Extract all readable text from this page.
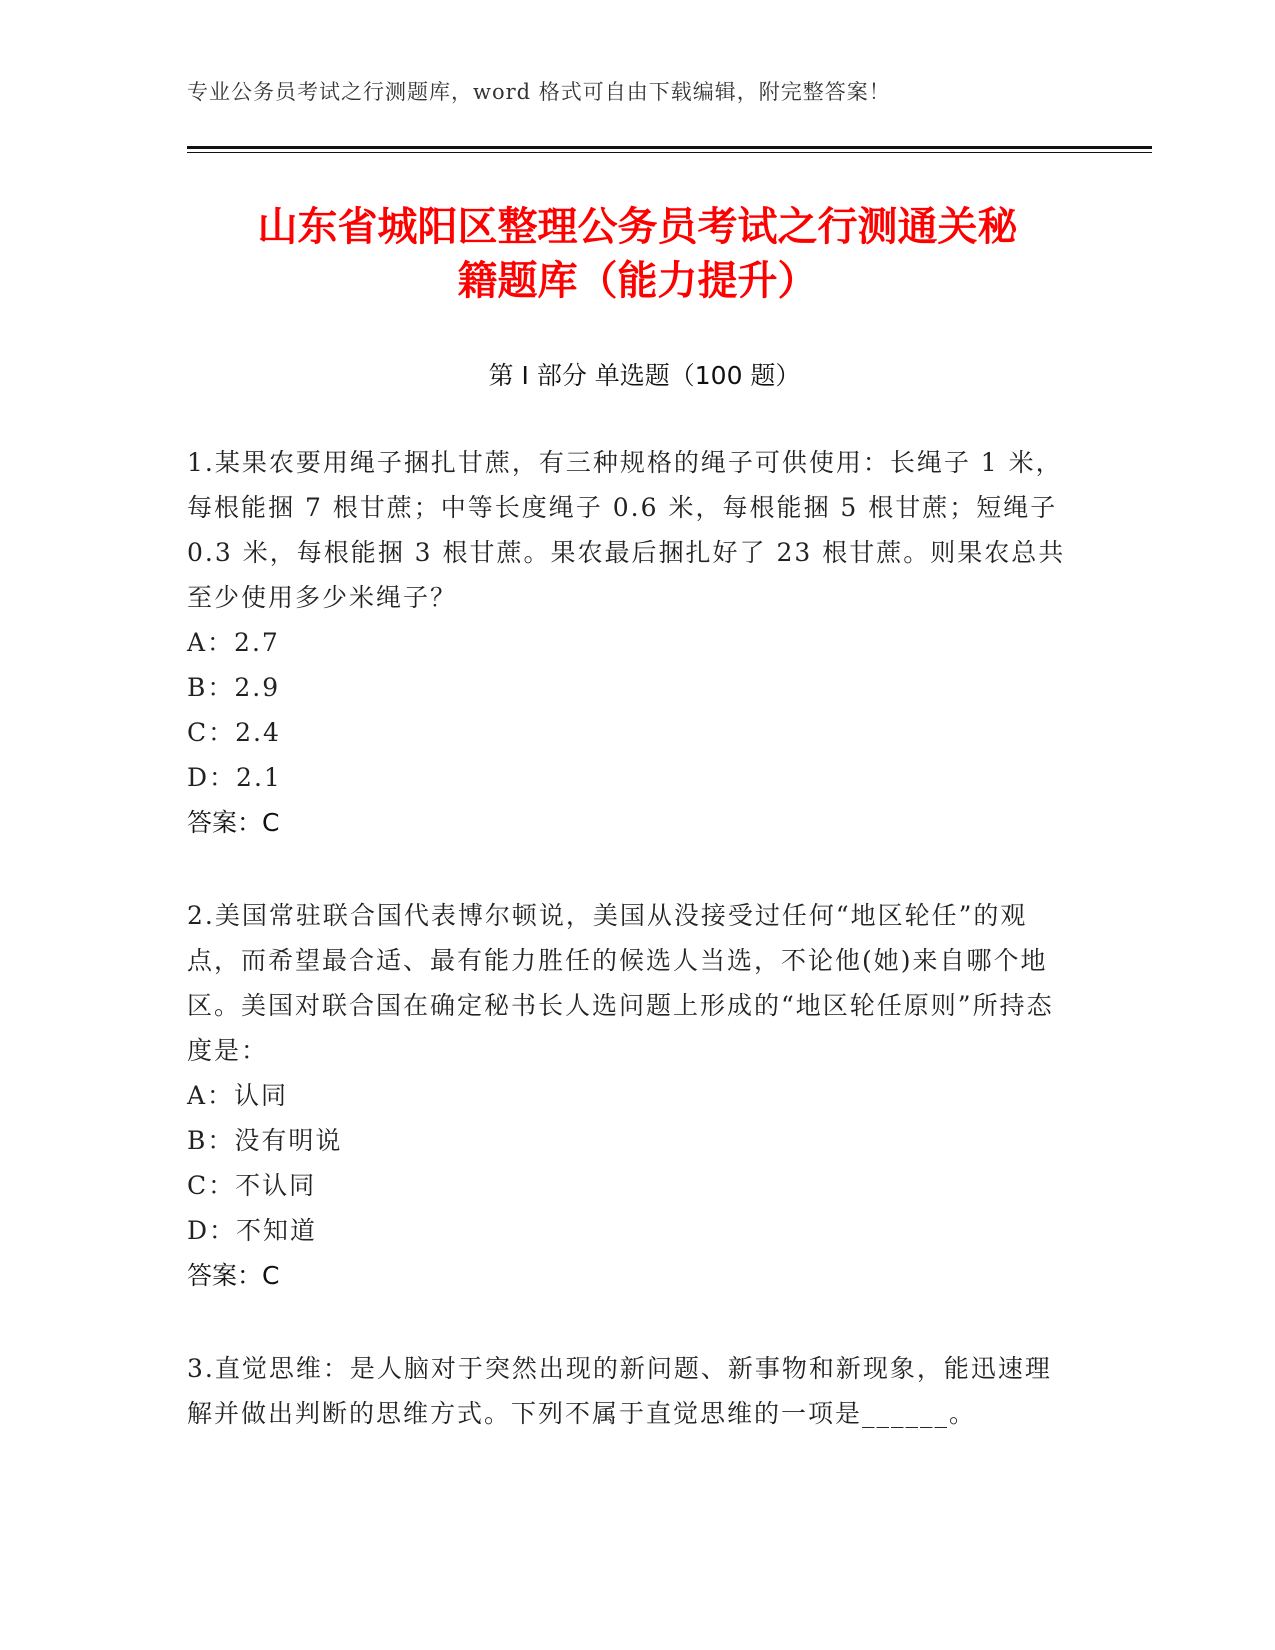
专业公务员考试之行测题库，word 格式可自由下载编辑，附完整答案！
山东省城阳区整理公务员考试之行测通关秘
籍题库（能力提升）
第 I 部分 单选题（100 题）

1.某果农要用绳子捆扎甘蔗，有三种规格的绳子可供使用：长绳子 1 米，每根能捆 7 根甘蔗；中等长度绳子 0.6 米，每根能捆 5 根甘蔗；短绳子 0.3 米，每根能捆 3 根甘蔗。果农最后捆扎好了 23 根甘蔗。则果农总共至少使用多少米绳子？

A：2.7

B：2.9

C：2.4

D：2.1

答案：C

2.美国常驻联合国代表博尔顿说，美国从没接受过任何“地区轮任”的观点，而希望最合适、最有能力胜任的候选人当选，不论他(她)来自哪个地区。美国对联合国在确定秘书长人选问题上形成的“地区轮任原则”所持态度是：

A：认同

B：没有明说

C：不认同

D：不知道

答案：C

3.直觉思维：是人脑对于突然出现的新问题、新事物和新现象，能迅速理解并做出判断的思维方式。下列不属于直觉思维的一项是______。
